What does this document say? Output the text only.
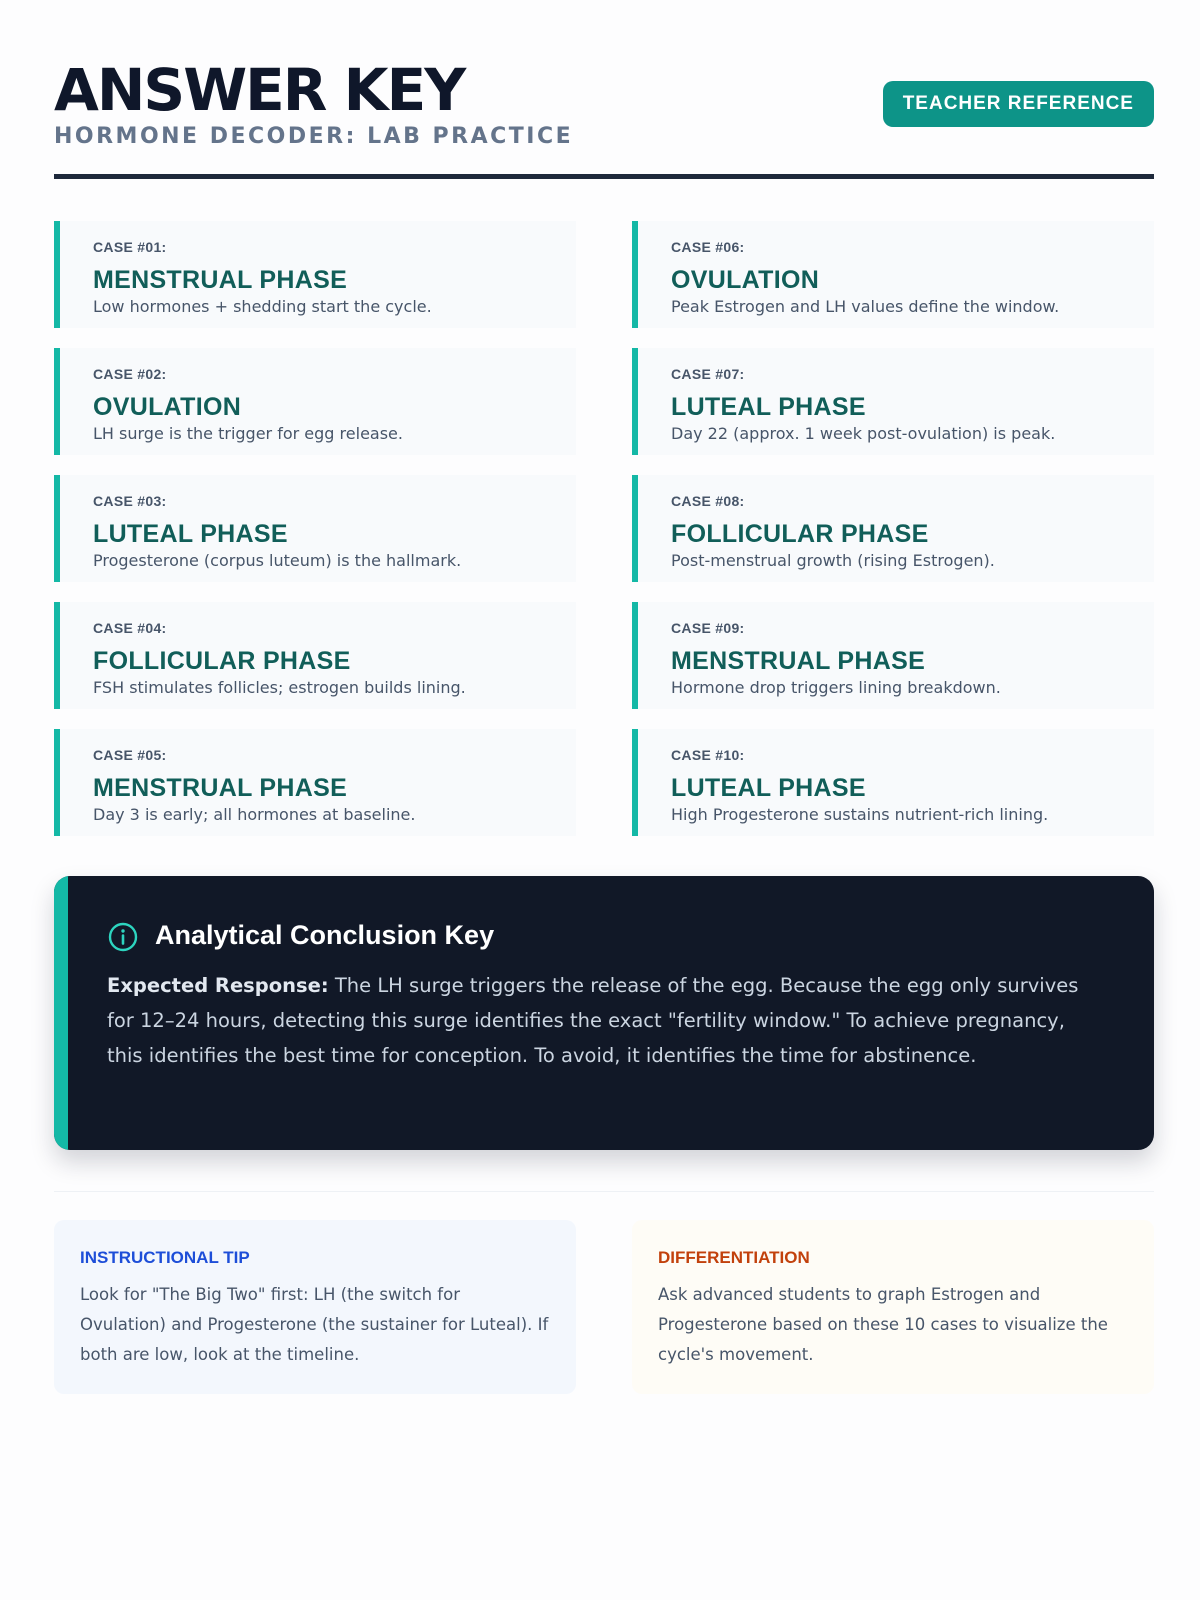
ANSWER KEY
HORMONE DECODER: LAB PRACTICE
TEACHER REFERENCE
CASE #01:
MENSTRUAL PHASE
Low hormones + shedding start the cycle.
CASE #02:
OVULATION
LH surge is the trigger for egg release.
CASE #03:
LUTEAL PHASE
Progesterone (corpus luteum) is the hallmark.
CASE #04:
FOLLICULAR PHASE
FSH stimulates follicles; estrogen builds lining.
CASE #05:
MENSTRUAL PHASE
Day 3 is early; all hormones at baseline.
CASE #06:
OVULATION
Peak Estrogen and LH values define the window.
CASE #07:
LUTEAL PHASE
Day 22 (approx. 1 week post-ovulation) is peak.
CASE #08:
FOLLICULAR PHASE
Post-menstrual growth (rising Estrogen).
CASE #09:
MENSTRUAL PHASE
Hormone drop triggers lining breakdown.
CASE #10:
LUTEAL PHASE
High Progesterone sustains nutrient-rich lining.
Analytical Conclusion Key
Expected Response: The LH surge triggers the release of the egg. Because the egg only survives for 12–24 hours, detecting this surge identifies the exact "fertility window." To achieve pregnancy, this identifies the best time for conception. To avoid, it identifies the time for abstinence.
INSTRUCTIONAL TIP
Look for "The Big Two" first: LH (the switch for Ovulation) and Progesterone (the sustainer for Luteal). If both are low, look at the timeline.
DIFFERENTIATION
Ask advanced students to graph Estrogen and Progesterone based on these 10 cases to visualize the cycle's movement.
